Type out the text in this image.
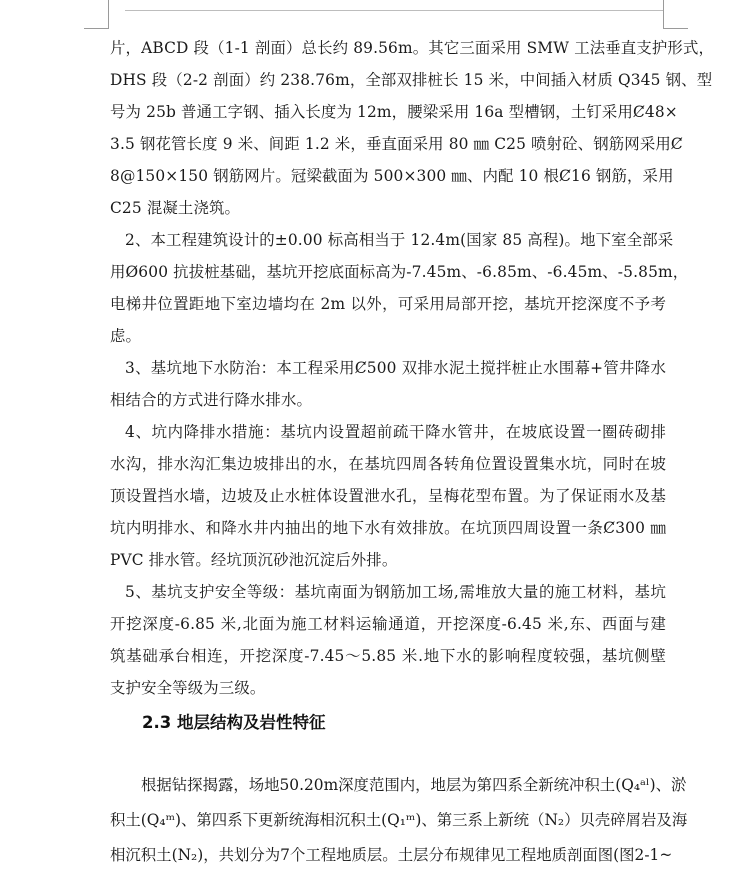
片，ABCD 段（1-1 剖面）总长约 89.56m。其它三面采用 SMW 工法垂直支护形式，
DHS 段（2-2 剖面）约 238.76m，全部双排桩长 15 米，中间插入材质 Q345 钢、型
号为 25b 普通工字钢、插入长度为 12m，腰梁采用 16a 型槽钢，土钉采用Ȼ48×
3.5 钢花管长度 9 米、间距 1.2 米，垂直面采用 80 ㎜ C25 喷射砼、钢筋网采用Ȼ
8@150×150 钢筋网片。冠梁截面为 500×300 ㎜、内配 10 根Ȼ16 钢筋，采用
C25 混凝土浇筑。
2、本工程建筑设计的±0.00 标高相当于 12.4m(国家 85 高程)。地下室全部采
用Ø600 抗拔桩基础，基坑开挖底面标高为-7.45m、-6.85m、-6.45m、-5.85m，
电梯井位置距地下室边墙均在 2m 以外，可采用局部开挖，基坑开挖深度不予考
虑。
3、基坑地下水防治：本工程采用Ȼ500 双排水泥土搅拌桩止水围幕+管井降水
相结合的方式进行降水排水。
4、坑内降排水措施：基坑内设置超前疏干降水管井，在坡底设置一圈砖砌排
水沟，排水沟汇集边坡排出的水，在基坑四周各转角位置设置集水坑，同时在坡
顶设置挡水墙，边坡及止水桩体设置泄水孔，呈梅花型布置。为了保证雨水及基
坑内明排水、和降水井内抽出的地下水有效排放。在坑顶四周设置一条Ȼ300 ㎜
PVC 排水管。经坑顶沉砂池沉淀后外排。
5、基坑支护安全等级：基坑南面为钢筋加工场,需堆放大量的施工材料，基坑
开挖深度-6.85 米,北面为施工材料运输通道，开挖深度-6.45 米,东、西面与建
筑基础承台相连，开挖深度-7.45～5.85 米.地下水的影响程度较强，基坑侧壁
支护安全等级为三级。
2.3 地层结构及岩性特征
根据钻探揭露，场地50.20m深度范围内，地层为第四系全新统冲积土(Q₄ᵃˡ)、淤
积土(Q₄ᵐ)、第四系下更新统海相沉积土(Q₁ᵐ)、第三系上新统（N₂）贝壳碎屑岩及海
相沉积土(N₂)，共划分为7个工程地质层。土层分布规律见工程地质剖面图(图2-1~
